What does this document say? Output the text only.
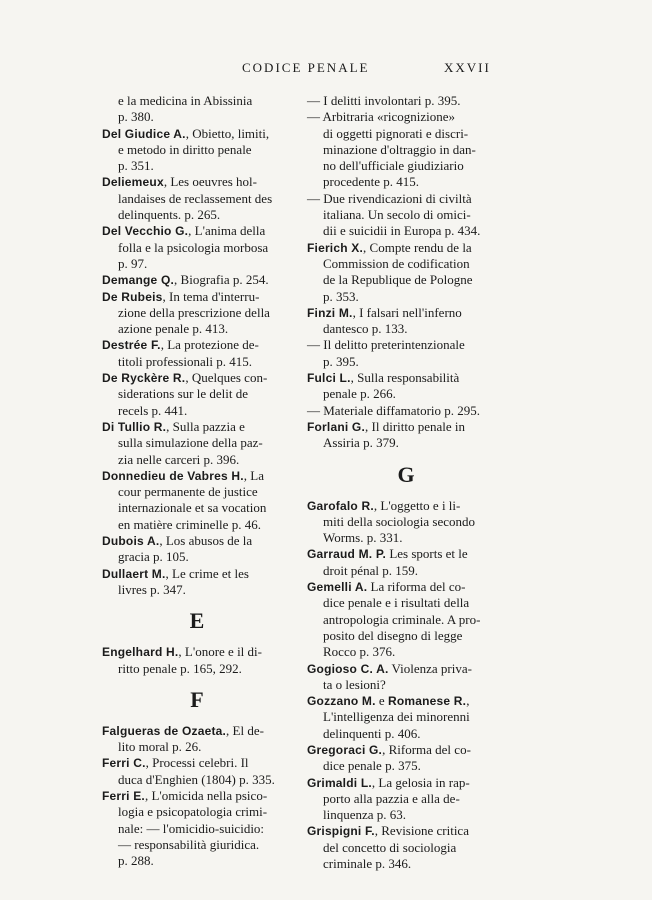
CODICE PENALE	XXVII
e la medicina in Abissinia
p. 380.
Del Giudice A., Obietto, limiti,
e metodo in diritto penale
p. 351.
Deliemeux, Les oeuvres hol-
landaises de reclassement des
delinquents. p. 265.
Del Vecchio G., L'anima della
folla e la psicologia morbosa
p. 97.
Demange Q., Biografia p. 254.
De Rubeis, In tema d'interru-
zione della prescrizione della
azione penale p. 413.
Destrée F., La protezione de-
titoli professionali p. 415.
De Ryckère R., Quelques con-
siderations sur le delit de
recels p. 441.
Di Tullio R., Sulla pazzia e
sulla simulazione della paz-
zia nelle carceri p. 396.
Donnedieu de Vabres H., La
cour permanente de justice
internazionale et sa vocation
en matière criminelle p. 46.
Dubois A., Los abusos de la
gracia p. 105.
Dullaert M., Le crime et les
livres p. 347.
E
Engelhard H., L'onore e il di-
ritto penale p. 165, 292.
F
Falgueras de Ozaeta., El de-
lito moral p. 26.
Ferri C., Processi celebri. Il
duca d'Enghien (1804) p. 335.
Ferri E., L'omicida nella psico-
logia e psicopatologia crimi-
nale: — l'omicidio-suicidio:
— responsabilità giuridica.
p. 288.
— I delitti involontari p. 395.
— Arbitraria «ricognizione»
di oggetti pignorati e discri-
minazione d'oltraggio in dan-
no dell'ufficiale giudiziario
procedente p. 415.
— Due rivendicazioni di civiltà
italiana. Un secolo di omici-
dii e suicidii in Europa p. 434.
Fierich X., Compte rendu de la
Commission de codification
de la Republique de Pologne
p. 353.
Finzi M., I falsari nell'inferno
dantesco p. 133.
— Il delitto preterintenzionale
p. 395.
Fulci L., Sulla responsabilità
penale p. 266.
— Materiale diffamatorio p. 295.
Forlani G., Il diritto penale in
Assiria p. 379.
G
Garofalo R., L'oggetto e i li-
miti della sociologia secondo
Worms. p. 331.
Garraud M. P. Les sports et le
droit pénal p. 159.
Gemelli A. La riforma del co-
dice penale e i risultati della
antropologia criminale. A pro-
posito del disegno di legge
Rocco p. 376.
Gogioso C. A. Violenza priva-
ta o lesioni?
Gozzano M. e Romanese R.,
L'intelligenza dei minorenni
delinquenti p. 406.
Gregoraci G., Riforma del co-
dice penale p. 375.
Grimaldi L., La gelosia in rap-
porto alla pazzia e alla de-
linquenza p. 63.
Grispigni F., Revisione critica
del concetto di sociologia
criminale p. 346.
